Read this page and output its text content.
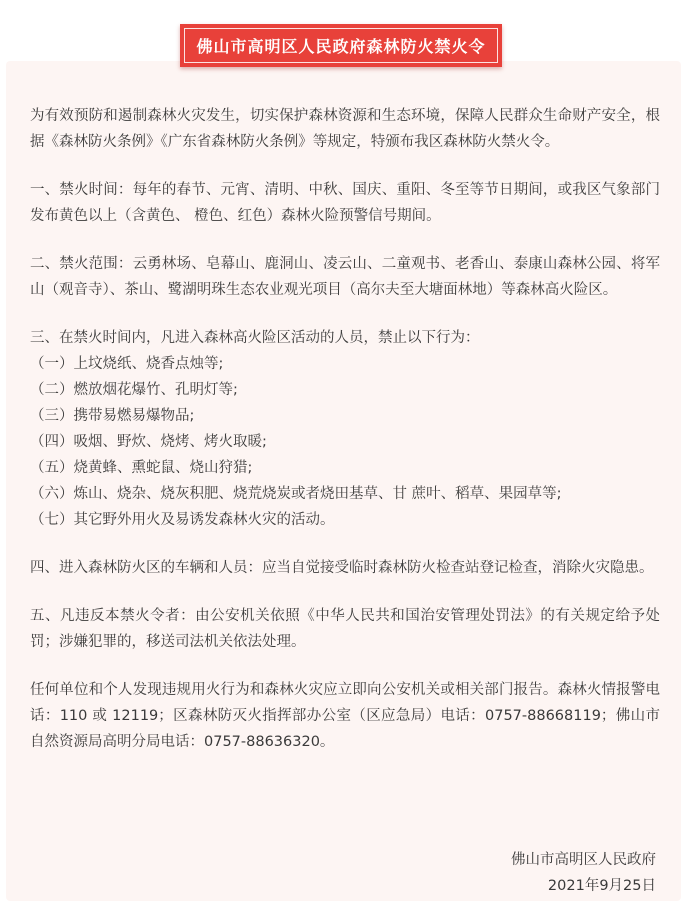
佛山市高明区人民政府森林防火禁火令

为有效预防和遏制森林火灾发生，切实保护森林资源和生态环境，保障人民群众生命财产安全，根据《森林防火条例》《广东省森林防火条例》等规定，特颁布我区森林防火禁火令。

一、禁火时间：每年的春节、元宵、清明、中秋、国庆、重阳、冬至等节日期间，或我区气象部门发布黄色以上（含黄色、 橙色、红色）森林火险预警信号期间。

二、禁火范围：云勇林场、皂幕山、鹿洞山、凌云山、二童观书、老香山、泰康山森林公园、将军山（观音寺）、茶山、鹭湖明珠生态农业观光项目（高尔夫至大塘面林地）等森林高火险区。

三、在禁火时间内，凡进入森林高火险区活动的人员，禁止以下行为：
（一）上坟烧纸、烧香点烛等;
（二）燃放烟花爆竹、孔明灯等;
（三）携带易燃易爆物品;
（四）吸烟、野炊、烧烤、烤火取暖;
（五）烧黄蜂、熏蛇鼠、烧山狩猎;
（六）炼山、烧杂、烧灰积肥、烧荒烧炭或者烧田基草、甘 蔗叶、稻草、果园草等;
（七）其它野外用火及易诱发森林火灾的活动。

四、进入森林防火区的车辆和人员：应当自觉接受临时森林防火检查站登记检查，消除火灾隐患。

五、凡违反本禁火令者：由公安机关依照《中华人民共和国治安管理处罚法》的有关规定给予处罚；涉嫌犯罪的，移送司法机关依法处理。

任何单位和个人发现违规用火行为和森林火灾应立即向公安机关或相关部门报告。森林火情报警电话：110 或 12119；区森林防灭火指挥部办公室（区应急局）电话：0757-88668119；佛山市自然资源局高明分局电话：0757-88636320。

佛山市高明区人民政府
2021年9月25日
